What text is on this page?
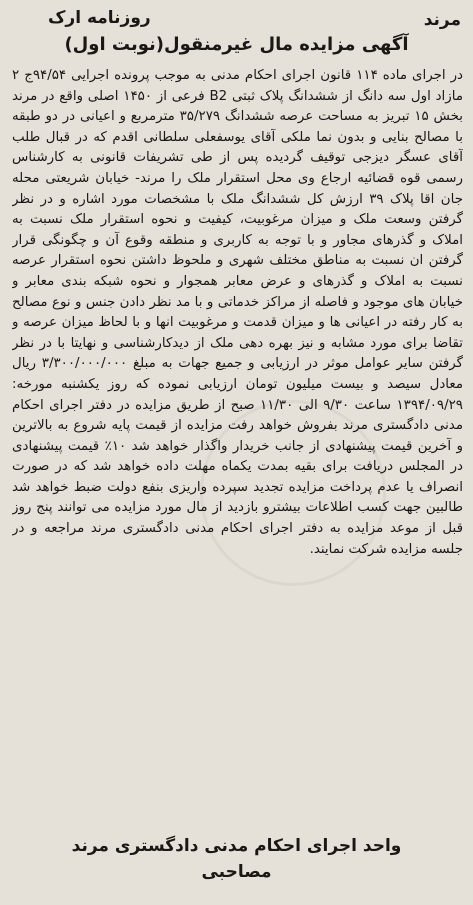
مرند
روزنامه ارک
آگهی مزایده مال غیرمنقول(نوبت اول)
در اجرای ماده ۱۱۴ قانون اجرای احکام مدنی به موجب پرونده اجرایی ۹۴/۵۴ج ۲ مازاد اول سه دانگ از ششدانگ پلاک ثبتی B2 فرعی از ۱۴۵۰ اصلی واقع در مرند بخش ۱۵ تبریز به مساحت عرصه ششدانگ ۳۵/۲۷۹ مترمربع و اعیانی در دو طبقه با مصالح بنایی و بدون نما ملکی آقای یوسفعلی سلطانی اقدم که در قبال طلب آقای عسگر دیزجی توقیف گردیده پس از طی تشریفات قانونی به کارشناس رسمی قوه قضائیه ارجاع وی محل استقرار ملک را مرند- خیابان شریعتی محله جان اقا پلاک ۳۹ ارزش کل ششدانگ ملک با مشخصات مورد اشاره و در نظر گرفتن وسعت ملک و میزان مرغوبیت، کیفیت و نحوه استقرار ملک نسبت به املاک و گذرهای مجاور و با توجه به کاربری و منطقه وقوع آن و چگونگی قرار گرفتن ان نسبت به مناطق مختلف شهری و ملحوظ داشتن نحوه استقرار عرصه نسبت به املاک و گذرهای و عرض معابر همجوار و نحوه شبکه بندی معابر و خیابان های موجود و فاصله از مراکز خدماتی و با مد نظر دادن جنس و نوع مصالح به کار رفته در اعیانی ها و میزان قدمت و مرغوبیت انها و با لحاظ میزان عرصه و تقاضا برای مورد مشابه و نیز بهره دهی ملک از دیدکارشناسی و نهایتا با در نظر گرفتن سایر عوامل موثر در ارزیابی و جمیع جهات به مبلغ ۳/۳۰۰/۰۰۰/۰۰۰ ریال معادل سیصد و بیست میلیون تومان ارزیابی نموده که روز یکشنبه مورخه: ۱۳۹۴/۰۹/۲۹ ساعت ۹/۳۰ الی ۱۱/۳۰ صبح از طریق مزایده در دفتر اجرای احکام مدنی دادگستری مرند بفروش خواهد رفت مزایده از قیمت پایه شروع به بالاترین و آخرین قیمت پیشنهادی از جانب خریدار واگذار خواهد شد ۱۰٪ قیمت پیشنهادی در المجلس دریافت برای بقیه بمدت یکماه مهلت داده خواهد شد که در صورت انصراف یا عدم پرداخت مزایده تجدید سپرده واریزی بنفع دولت ضبط خواهد شد طالبین جهت کسب اطلاعات بیشترو بازدید از مال مورد مزایده می توانند پنج روز قبل از موعد مزایده به دفتر اجرای احکام مدنی دادگستری مرند مراجعه و در جلسه مزایده شرکت نمایند.
واحد اجرای احکام مدنی دادگستری مرند
مصاحبی
